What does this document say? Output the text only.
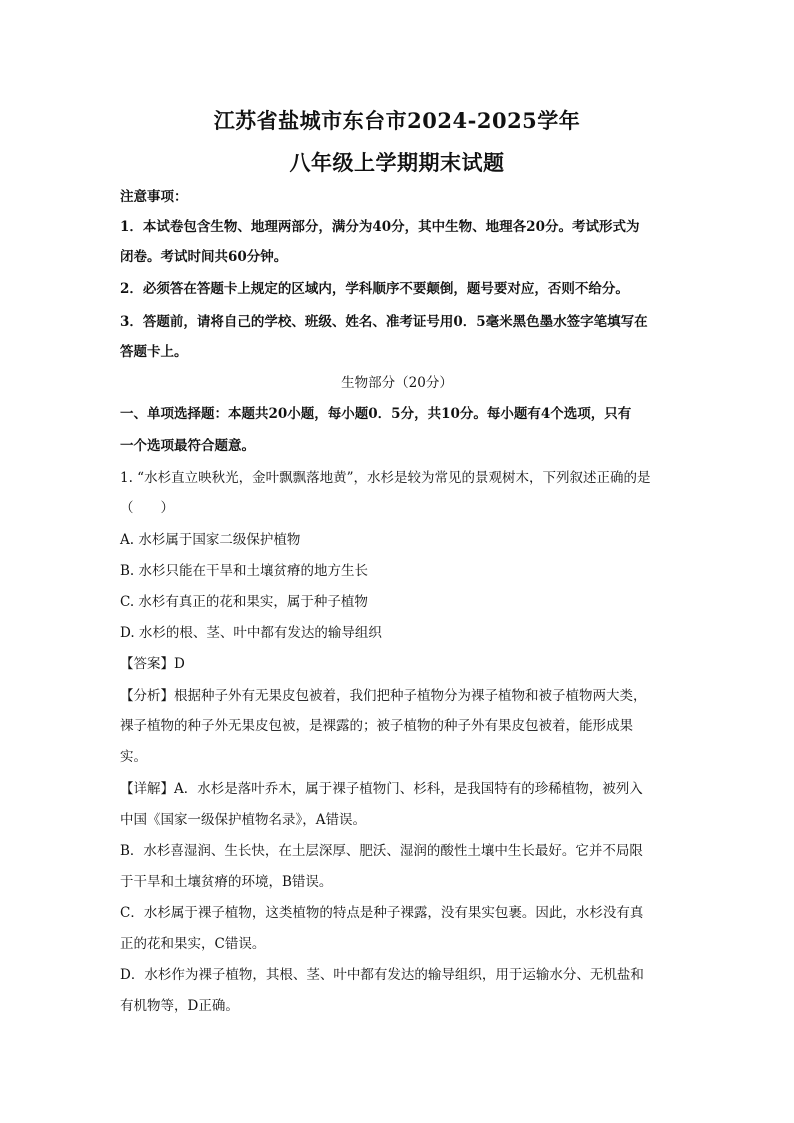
江苏省盐城市东台市2024-2025学年
八年级上学期期末试题
注意事项：
1．本试卷包含生物、地理两部分，满分为40分，其中生物、地理各20分。考试形式为
闭卷。考试时间共60分钟。
2．必须答在答题卡上规定的区域内，学科顺序不要颠倒，题号要对应，否则不给分。
3．答题前，请将自己的学校、班级、姓名、准考证号用0．5毫米黑色墨水签字笔填写在
答题卡上。
生物部分（20分）
一、单项选择题：本题共20小题，每小题0．5分，共10分。每小题有4个选项，只有
一个选项最符合题意。
1. “水杉直立映秋光，金叶飘飘落地黄”，水杉是较为常见的景观树木，下列叙述正确的是
（　　）
A. 水杉属于国家二级保护植物
B. 水杉只能在干旱和土壤贫瘠的地方生长
C. 水杉有真正的花和果实，属于种子植物
D. 水杉的根、茎、叶中都有发达的输导组织
【答案】D
【分析】根据种子外有无果皮包被着，我们把种子植物分为裸子植物和被子植物两大类，
裸子植物的种子外无果皮包被，是裸露的；被子植物的种子外有果皮包被着，能形成果
实。
【详解】A．水杉是落叶乔木，属于裸子植物门、杉科，是我国特有的珍稀植物，被列入
中国《国家一级保护植物名录》，A错误。
B．水杉喜湿润、生长快，在土层深厚、肥沃、湿润的酸性土壤中生长最好。它并不局限
于干旱和土壤贫瘠的环境，B错误。
C．水杉属于裸子植物，这类植物的特点是种子裸露，没有果实包裹。因此，水杉没有真
正的花和果实，C错误。
D．水杉作为裸子植物，其根、茎、叶中都有发达的输导组织，用于运输水分、无机盐和
有机物等，D正确。
